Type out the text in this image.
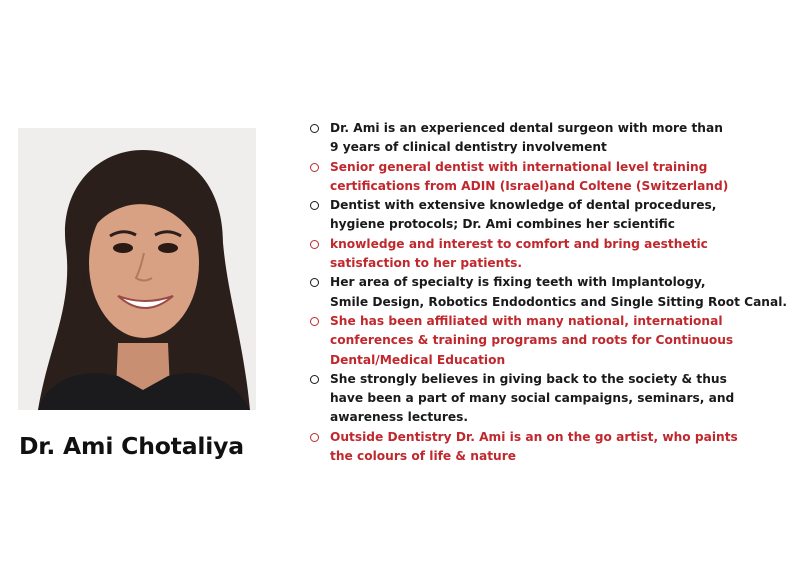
Dr. Ami Chotaliya
Dr. Ami is an experienced dental surgeon with more than
9 years of clinical dentistry involvement
Senior general dentist with international level training
certifications from ADIN (Israel)and Coltene (Switzerland)
Dentist with extensive knowledge of dental procedures,
hygiene protocols; Dr. Ami combines her scientific
knowledge and interest to comfort and bring aesthetic
satisfaction to her patients.
Her area of specialty is fixing teeth with Implantology,
Smile Design, Robotics Endodontics and Single Sitting Root Canal.
She has been affiliated with many national, international
conferences & training programs and roots for Continuous
Dental/Medical Education
She strongly believes in giving back to the society & thus
have been a part of many social campaigns, seminars, and
awareness lectures.
Outside Dentistry Dr. Ami is an on the go artist, who paints
the colours of life & nature
